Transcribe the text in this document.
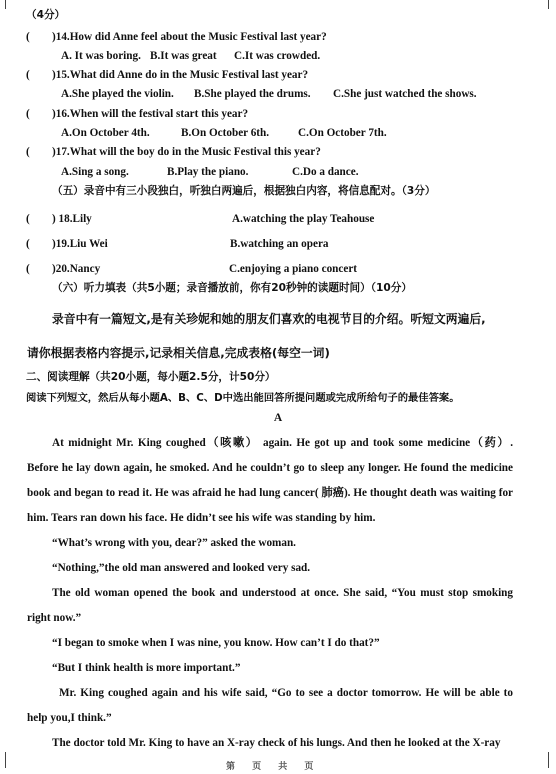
（4分）
( )14.How did Anne feel about the Music Festival last year?
A. It was boring. B.It was great C.It was crowded.
( )15.What did Anne do in the Music Festival last year?
A.She played the violin. B.She played the drums. C.She just watched the shows.
( )16.When will the festival start this year?
A.On October 4th.	B.On October 6th.	C.On October 7th.
( )17.What will the boy do in the Music Festival this year?
A.Sing a song.	B.Play the piano.	C.Do a dance.
（五）录音中有三小段独白，听独白两遍后，根据独白内容，将信息配对。（3分）
( ) 18.Lily	A.watching the play Teahouse
( )19.Liu Wei	B.watching an opera
( )20.Nancy	C.enjoying a piano concert
（六）听力填表（共5小题；录音播放前，你有20秒钟的读题时间）（10分）
录音中有一篇短文,是有关珍妮和她的朋友们喜欢的电视节目的介绍。听短文两遍后,
请你根据表格内容提示,记录相关信息,完成表格(每空一词)
二、阅读理解（共20小题，每小题2.5分，计50分）
阅读下列短文，然后从每小题A、B、C、D中选出能回答所提问题或完成所给句子的最佳答案。
A
At midnight Mr. King coughed（咳嗽） again. He got up and took some medicine（药）. Before he lay down again, he smoked. And he couldn’t go to sleep any longer. He found the medicine book and began to read it. He was afraid he had lung cancer( 肺癌). He thought death was waiting for him. Tears ran down his face. He didn’t see his wife was standing by him.
“What’s wrong with you, dear?” asked the woman.
“Nothing,”the old man answered and looked very sad.
The old woman opened the book and understood at once. She said, “You must stop smoking right now.”
“I began to smoke when I was nine, you know. How can’t I do that?”
“But I think health is more important.”
Mr. King coughed again and his wife said, “Go to see a doctor tomorrow. He will be able to help you,I think.”
The doctor told Mr. King to have an X-ray check of his lungs. And then he looked at the X-ray
第 页 共 页
